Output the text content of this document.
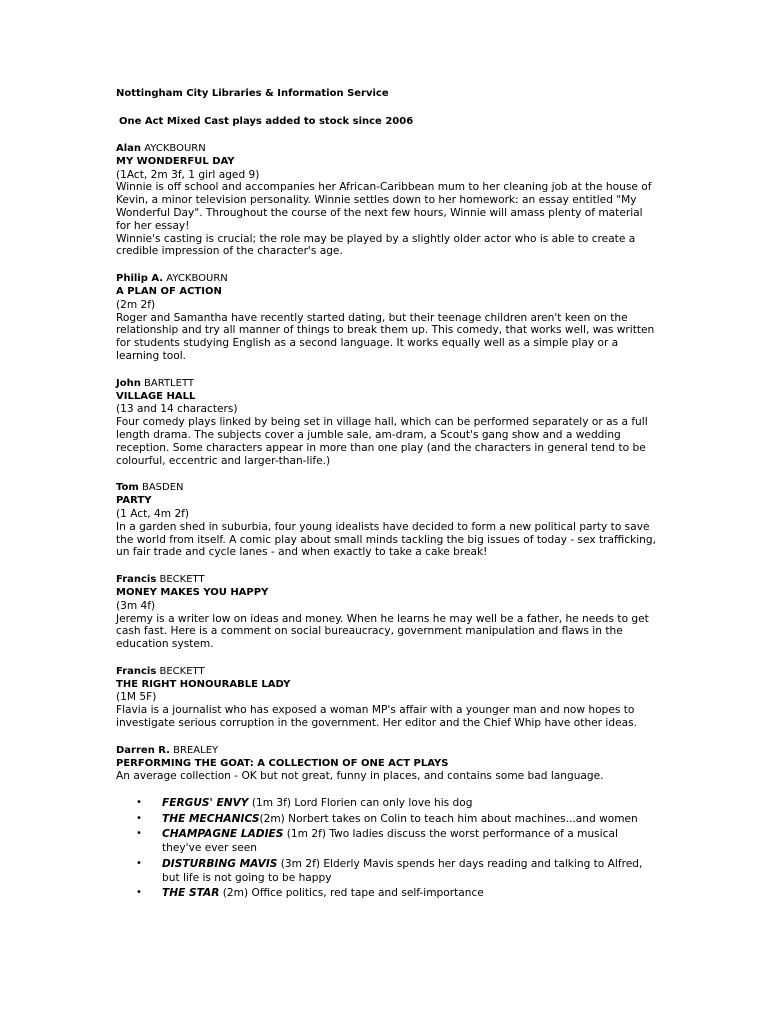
Nottingham City Libraries & Information Service

One Act Mixed Cast plays added to stock since 2006

Alan AYCKBOURN

MY WONDERFUL DAY

(1Act, 2m 3f, 1 girl aged 9)

Winnie is off school and accompanies her African-Caribbean mum to her cleaning job at the house of Kevin, a minor television personality. Winnie settles down to her homework: an essay entitled "My Wonderful Day". Throughout the course of the next few hours, Winnie will amass plenty of material for her essay!

Winnie's casting is crucial; the role may be played by a slightly older actor who is able to create a credible impression of the character's age.

Philip A. AYCKBOURN

A PLAN OF ACTION

(2m 2f)

Roger and Samantha have recently started dating, but their teenage children aren't keen on the relationship and try all manner of things to break them up. This comedy, that works well, was written for students studying English as a second language. It works equally well as a simple play or a learning tool.

John BARTLETT

VILLAGE HALL

(13 and 14 characters)

Four comedy plays linked by being set in village hall, which can be performed separately or as a full length drama. The subjects cover a jumble sale, am-dram, a Scout's gang show and a wedding reception. Some characters appear in more than one play (and the characters in general tend to be colourful, eccentric and larger-than-life.)

Tom BASDEN

PARTY

(1 Act, 4m 2f)

In a garden shed in suburbia, four young idealists have decided to form a new political party to save the world from itself. A comic play about small minds tackling the big issues of today - sex trafficking, un fair trade and cycle lanes - and when exactly to take a cake break!

Francis BECKETT

MONEY MAKES YOU HAPPY

(3m 4f)

Jeremy is a writer low on ideas and money. When he learns he may well be a father, he needs to get cash fast. Here is a comment on social bureaucracy, government manipulation and flaws in the education system.

Francis BECKETT

THE RIGHT HONOURABLE LADY

(1M 5F)

Flavia is a journalist who has exposed a woman MP's affair with a younger man and now hopes to investigate serious corruption in the government. Her editor and the Chief Whip have other ideas.

Darren R. BREALEY

PERFORMING THE GOAT: A COLLECTION OF ONE ACT PLAYS

An average collection - OK but not great, funny in places, and contains some bad language.

• FERGUS' ENVY (1m 3f) Lord Florien can only love his dog
• THE MECHANICS(2m) Norbert takes on Colin to teach him about machines...and women
• CHAMPAGNE LADIES (1m 2f) Two ladies discuss the worst performance of a musical they've ever seen
• DISTURBING MAVIS (3m 2f) Elderly Mavis spends her days reading and talking to Alfred, but life is not going to be happy
• THE STAR (2m) Office politics, red tape and self-importance
